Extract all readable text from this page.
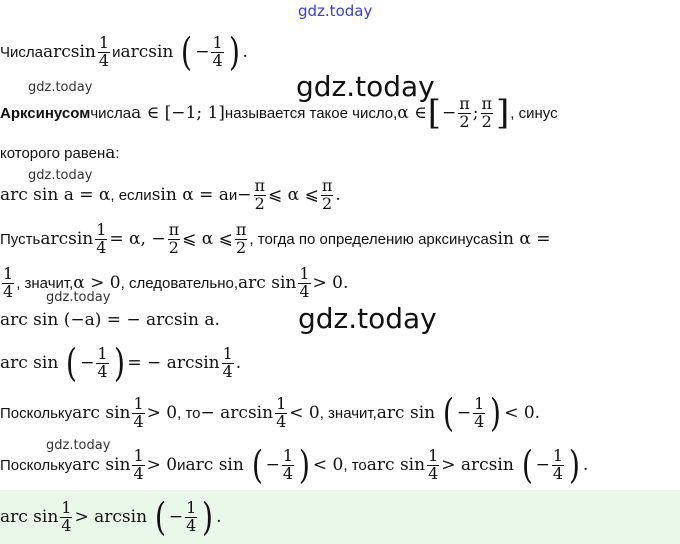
gdz.today
gdz.today	gdz.today
gdz.today
gdz.today
gdz.today
gdz.today
Числа $\arcsin \frac{1}{4}$ и arcsin ( − $\frac{1}{4}$ ) .
Арксинусом числа a ∈ [−1; 1] называется такое число, α ∈ [ − $\frac{\pi}{2}$ ; $\frac{\pi}{2}$ ] , синус
которого равен a :
arc sin a = α , если sin α = a $и - \frac{\pi}{2}$ ⩽ α ⩽ $\frac{\pi}{2}$ .
Пусть $\arcsin \frac{1}{4} = \alpha$, − $\frac{\pi}{2}$ ⩽ α ⩽ $\frac{\pi}{2}$ , тогда по определению арксинуса sin α =
$\frac{1}{4}$ , значит, α > 0 , следовательно, arc $\sin \frac{1}{4} > 0$.
arc sin (−a) = − arcsin a.
arc sin ( − $\frac{1}{4}$ ) = − $\arcsin \frac{1}{4}$ .
Поскольку arc $\sin \frac{1}{4} > 0$ , то − $\arcsin \frac{1}{4} < 0$ , значит, arc sin ( − $\frac{1}{4}$ ) < 0.
Поскольку arc $\sin \frac{1}{4} > 0$ и arc sin ( − $\frac{1}{4}$ ) < 0 , то arc $\sin \frac{1}{4} > \arcsin$ ( − $\frac{1}{4}$ ) .
arc $\sin \frac{1}{4} > \arcsin$ ( − $\frac{1}{4}$ ) .
